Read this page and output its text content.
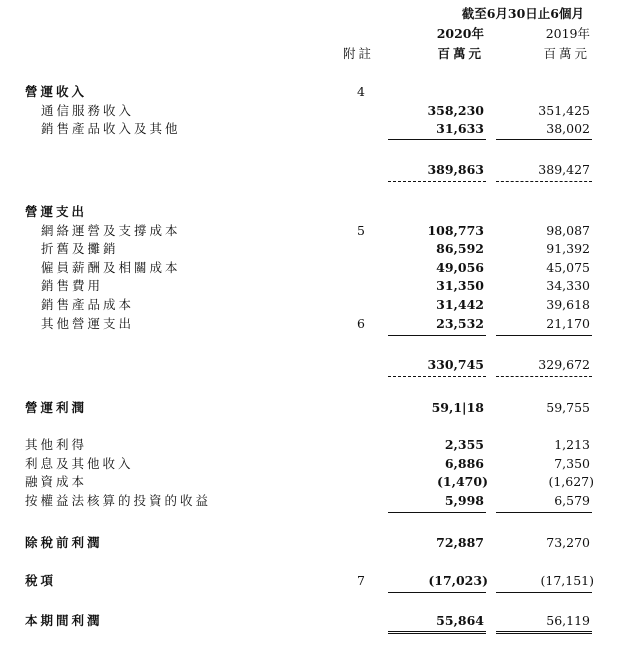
截至6月30日止6個月
2020年	2019年
附註	百萬元	百萬元
營運收入	4
通信服務收入	358,230	351,425
銷售產品收入及其他	31,633	38,002
389,863	389,427
營運支出
網絡運營及支撐成本	5	108,773	98,087
折舊及攤銷	86,592	91,392
僱員薪酬及相關成本	49,056	45,075
銷售費用	31,350	34,330
銷售產品成本	31,442	39,618
其他營運支出	6	23,532	21,170
330,745	329,672
營運利潤	59,1|18	59,755
其他利得	2,355	1,213
利息及其他收入	6,886	7,350
融資成本	(1,470)	(1,627)
按權益法核算的投資的收益	5,998	6,579
除稅前利潤	72,887	73,270
稅項	7	(17,023)	(17,151)
本期間利潤	55,864	56,119
